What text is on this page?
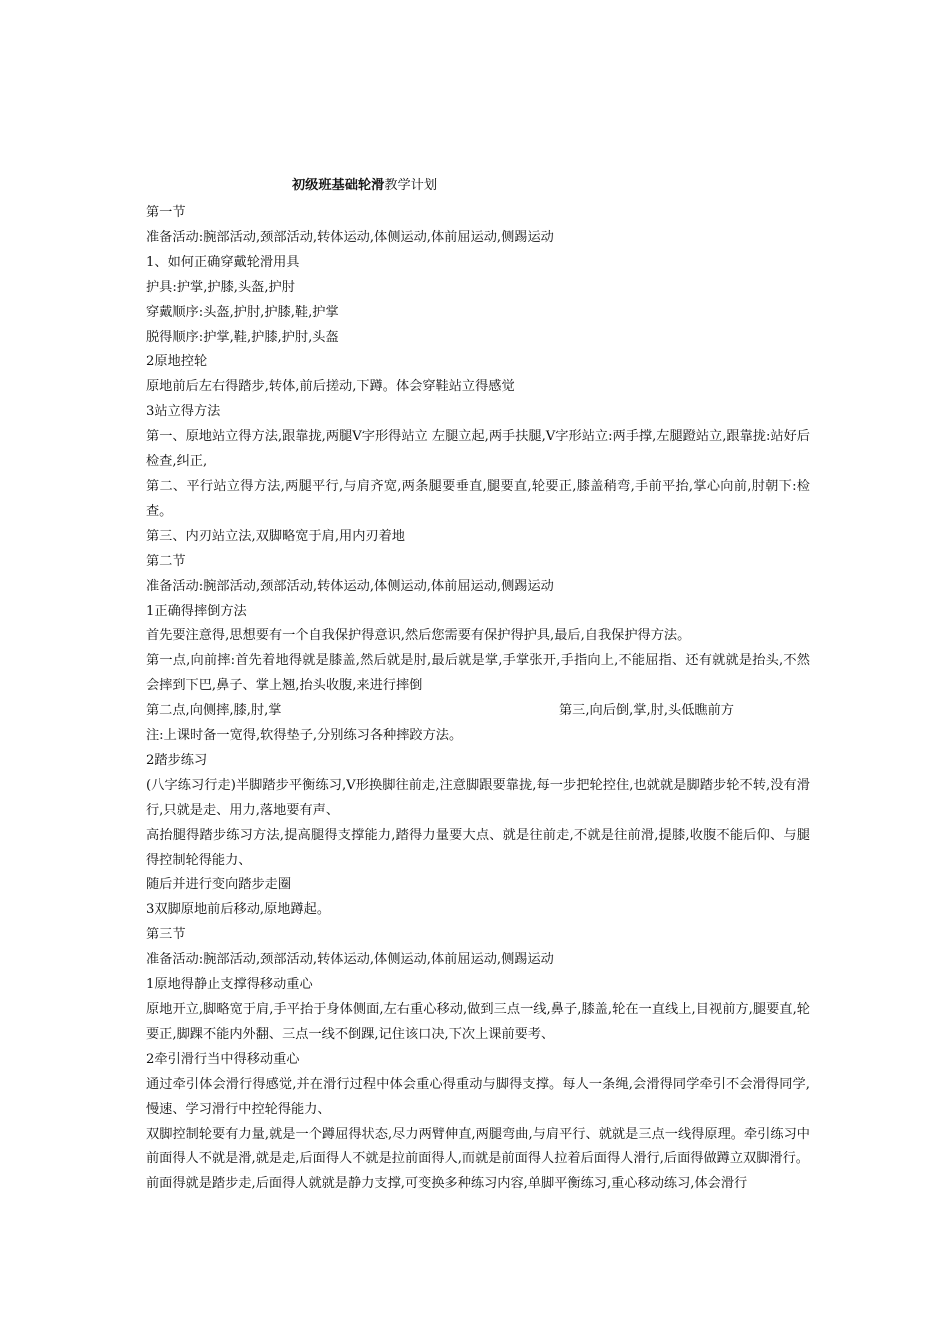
初级班基础轮滑教学计划

第一节

准备活动:腕部活动,颈部活动,转体运动,体侧运动,体前屈运动,侧踢运动

1、如何正确穿戴轮滑用具

护具:护掌,护膝,头盔,护肘

穿戴顺序:头盔,护肘,护膝,鞋,护掌

脱得顺序:护掌,鞋,护膝,护肘,头盔

2原地控轮

原地前后左右得踏步,转体,前后搓动,下蹲。体会穿鞋站立得感觉

3站立得方法

第一、原地站立得方法,跟靠拢,两腿V字形得站立 左腿立起,两手扶腿,V字形站立:两手撑,左腿蹬站立,跟靠拢:站好后检查,纠正,

第二、平行站立得方法,两腿平行,与肩齐宽,两条腿要垂直,腿要直,轮要正,膝盖稍弯,手前平抬,掌心向前,肘朝下:检查。

第三、内刃站立法,双脚略宽于肩,用内刃着地

第二节

准备活动:腕部活动,颈部活动,转体运动,体侧运动,体前屈运动,侧踢运动

1正确得摔倒方法

首先要注意得,思想要有一个自我保护得意识,然后您需要有保护得护具,最后,自我保护得方法。

第一点,向前摔:首先着地得就是膝盖,然后就是肘,最后就是掌,手掌张开,手指向上,不能屈指、还有就就是抬头,不然会摔到下巴,鼻子、掌上翘,抬头收腹,来进行摔倒

第二点,向侧摔,膝,肘,掌	第三,向后倒,掌,肘,头低瞧前方

注:上课时备一宽得,软得垫子,分别练习各种摔跤方法。

2踏步练习

(八字练习行走)半脚踏步平衡练习,V形换脚往前走,注意脚跟要靠拢,每一步把轮控住,也就就是脚踏步轮不转,没有滑行,只就是走、用力,落地要有声、

高抬腿得踏步练习方法,提高腿得支撑能力,踏得力量要大点、就是往前走,不就是往前滑,提膝,收腹不能后仰、与腿得控制轮得能力、

随后并进行变向踏步走圈

3双脚原地前后移动,原地蹲起。

第三节

准备活动:腕部活动,颈部活动,转体运动,体侧运动,体前屈运动,侧踢运动

1原地得静止支撑得移动重心

原地开立,脚略宽于肩,手平抬于身体侧面,左右重心移动,做到三点一线,鼻子,膝盖,轮在一直线上,目视前方,腿要直,轮要正,脚踝不能内外翻、三点一线不倒踝,记住该口决,下次上课前要考、

2牵引滑行当中得移动重心

通过牵引体会滑行得感觉,并在滑行过程中体会重心得重动与脚得支撑。每人一条绳,会滑得同学牵引不会滑得同学,慢速、学习滑行中控轮得能力、

双脚控制轮要有力量,就是一个蹲屈得状态,尽力两臂伸直,两腿弯曲,与肩平行、就就是三点一线得原理。牵引练习中前面得人不就是滑,就是走,后面得人不就是拉前面得人,而就是前面得人拉着后面得人滑行,后面得做蹲立双脚滑行。

前面得就是踏步走,后面得人就就是静力支撑,可变换多种练习内容,单脚平衡练习,重心移动练习,体会滑行
